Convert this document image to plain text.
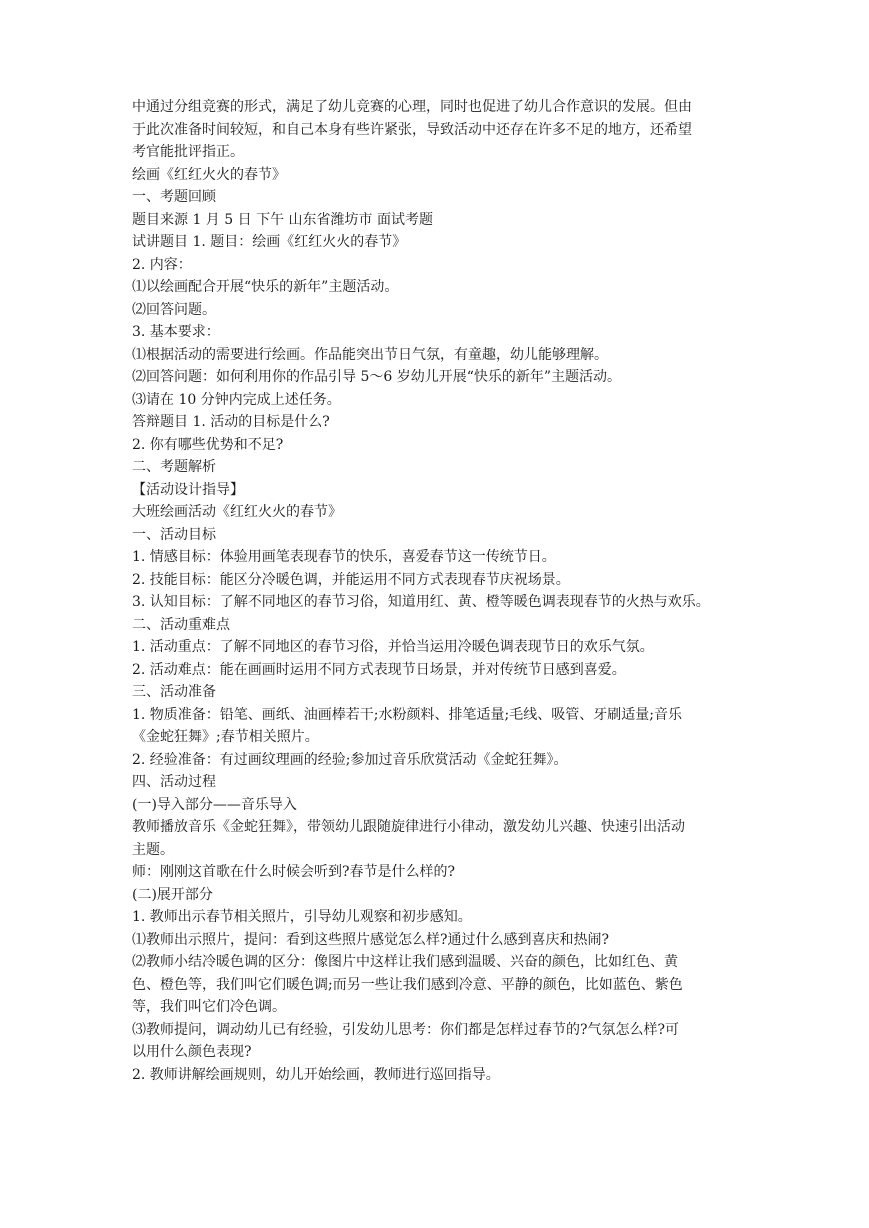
中通过分组竞赛的形式，满足了幼儿竞赛的心理，同时也促进了幼儿合作意识的发展。但由
于此次准备时间较短，和自己本身有些许紧张，导致活动中还存在许多不足的地方，还希望
考官能批评指正。
绘画《红红火火的春节》
一、考题回顾
题目来源 1 月 5 日 下午 山东省潍坊市 面试考题
试讲题目 1. 题目：绘画《红红火火的春节》
2. 内容：
⑴以绘画配合开展“快乐的新年”主题活动。
⑵回答问题。
3. 基本要求：
⑴根据活动的需要进行绘画。作品能突出节日气氛，有童趣，幼儿能够理解。
⑵回答问题：如何利用你的作品引导 5～6 岁幼儿开展“快乐的新年”主题活动。
⑶请在 10 分钟内完成上述任务。
答辩题目 1. 活动的目标是什么?
2. 你有哪些优势和不足?
二、考题解析
【活动设计指导】
大班绘画活动《红红火火的春节》
一、活动目标
1. 情感目标：体验用画笔表现春节的快乐，喜爱春节这一传统节日。
2. 技能目标：能区分冷暖色调，并能运用不同方式表现春节庆祝场景。
3. 认知目标：了解不同地区的春节习俗，知道用红、黄、橙等暖色调表现春节的火热与欢乐。
二、活动重难点
1. 活动重点：了解不同地区的春节习俗，并恰当运用冷暖色调表现节日的欢乐气氛。
2. 活动难点：能在画画时运用不同方式表现节日场景，并对传统节日感到喜爱。
三、活动准备
1. 物质准备：铅笔、画纸、油画棒若干;水粉颜料、排笔适量;毛线、吸管、牙刷适量;音乐
《金蛇狂舞》;春节相关照片。
2. 经验准备：有过画纹理画的经验;参加过音乐欣赏活动《金蛇狂舞》。
四、活动过程
(一)导入部分——音乐导入
教师播放音乐《金蛇狂舞》，带领幼儿跟随旋律进行小律动，激发幼儿兴趣、快速引出活动
主题。
师：刚刚这首歌在什么时候会听到?春节是什么样的?
(二)展开部分
1. 教师出示春节相关照片，引导幼儿观察和初步感知。
⑴教师出示照片，提问：看到这些照片感觉怎么样?通过什么感到喜庆和热闹?
⑵教师小结冷暖色调的区分：像图片中这样让我们感到温暖、兴奋的颜色，比如红色、黄
色、橙色等，我们叫它们暖色调;而另一些让我们感到冷意、平静的颜色，比如蓝色、紫色
等，我们叫它们冷色调。
⑶教师提问，调动幼儿已有经验，引发幼儿思考：你们都是怎样过春节的?气氛怎么样?可
以用什么颜色表现?
2. 教师讲解绘画规则，幼儿开始绘画，教师进行巡回指导。
